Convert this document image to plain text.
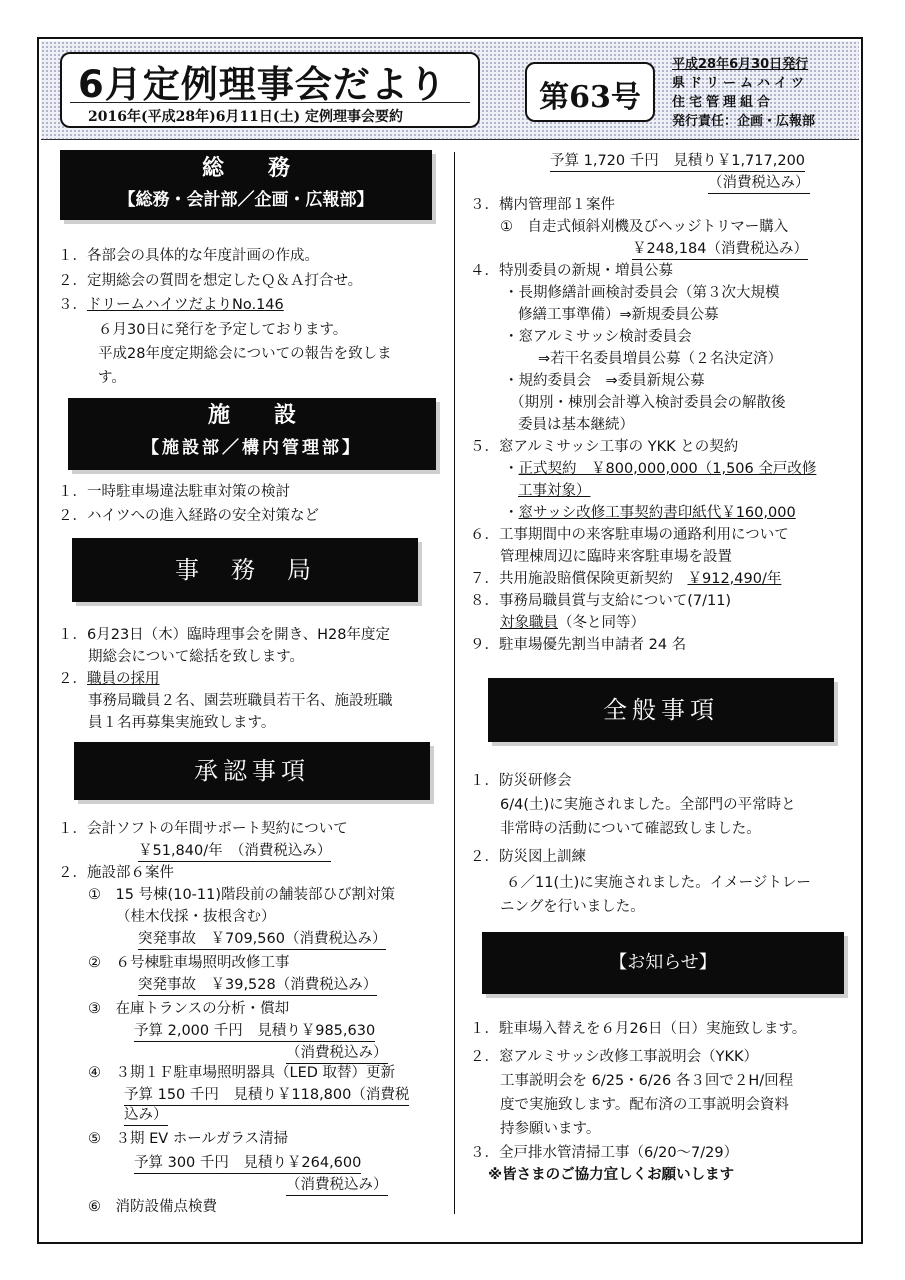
6月定例理事会だより
2016年(平成28年)6月11日(土) 定例理事会要約
第63号
平成28年6月30日発行
県ドリームハイツ
住宅管理組合
発行責任：企画・広報部
総　　務
【総務・会計部／企画・広報部】
１．各部会の具体的な年度計画の作成。
２．定期総会の質問を想定したＱ＆Ａ打合せ。
３．ドリームハイツだよりNo.146
６月30日に発行を予定しております。
平成28年度定期総会についての報告を致しま
す。
施　　設
【施設部／構内管理部】
１．一時駐車場違法駐車対策の検討
２．ハイツへの進入経路の安全対策など
事　務　局
１．6月23日（木）臨時理事会を開き、H28年度定
期総会について総括を致します。
２．職員の採用
事務局職員２名、園芸班職員若干名、施設班職
員１名再募集実施致します。
承認事項
１．会計ソフトの年間サポート契約について
￥51,840/年　（消費税込み）
２．施設部６案件
①　15 号棟(10-11)階段前の舗装部ひび割対策
（桂木伐採・抜根含む）
突発事故　￥709,560（消費税込み）
②　６号棟駐車場照明改修工事
突発事故　￥39,528（消費税込み）
③　在庫トランスの分析・償却
予算 2,000 千円　見積り￥985,630
（消費税込み）
④　３期１Ｆ駐車場照明器具（LED 取替）更新
予算 150 千円　見積り￥118,800（消費税
込み）
⑤　３期 EV ホールガラス清掃
予算 300 千円　見積り￥264,600
（消費税込み）
⑥　消防設備点検費
予算 1,720 千円　見積り￥1,717,200
（消費税込み）
３．構内管理部１案件
①　自走式傾斜刈機及びヘッジトリマー購入
￥248,184（消費税込み）
４．特別委員の新規・増員公募
・長期修繕計画検討委員会（第３次大規模
修繕工事準備）⇒新規委員公募
・窓アルミサッシ検討委員会
⇒若干名委員増員公募（２名決定済）
・規約委員会　⇒委員新規公募
（期別・棟別会計導入検討委員会の解散後
委員は基本継続）
５．窓アルミサッシ工事の YKK との契約
・正式契約　￥800,000,000（1,506 全戸改修
工事対象）
・窓サッシ改修工事契約書印紙代￥160,000
６．工事期間中の来客駐車場の通路利用について
管理棟周辺に臨時来客駐車場を設置
７．共用施設賠償保険更新契約　￥912,490/年
８．事務局職員賞与支給について(7/11)
対象職員（冬と同等）
９．駐車場優先割当申請者 24 名
全般事項
１．防災研修会
6/4(土)に実施されました。全部門の平常時と
非常時の活動について確認致しました。
２．防災図上訓練
６／11(土)に実施されました。イメージトレー
ニングを行いました。
【お知らせ】
１．駐車場入替えを６月26日（日）実施致します。
２．窓アルミサッシ改修工事説明会（YKK）
工事説明会を 6/25・6/26 各３回で２H/回程
度で実施致します。配布済の工事説明会資料
持参願います。
３．全戸排水管清掃工事（6/20〜7/29）
※皆さまのご協力宜しくお願いします
